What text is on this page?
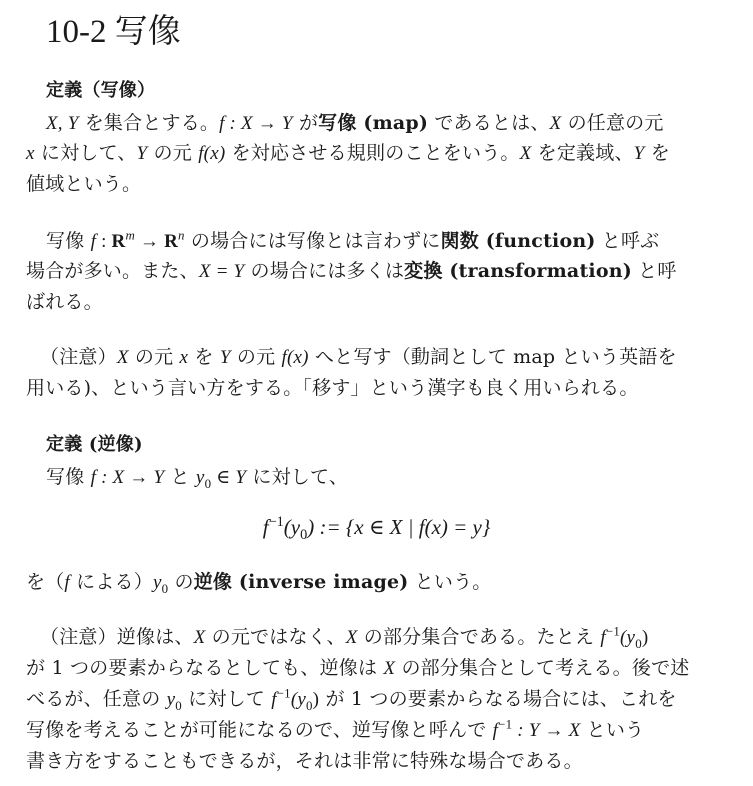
10-2 写像
定義（写像）
X, Y を集合とする。f : X → Y が写像 (map) であるとは、X の任意の元
x に対して、Y の元 f(x) を対応させる規則のことをいう。X を定義域、Y を
値域という。
写像 f : $R^m \to R^n$ の場合には写像とは言わずに関数 (function) と呼ぶ
場合が多い。また、X = Y の場合には多くは変換 (transformation) と呼
ばれる。
（注意）X の元 x を Y の元 f(x) へと写す（動詞として map という英語を
用いる)、という言い方をする。「移す」という漢字も良く用いられる。
定義 (逆像)
写像 f : X → Y と $y_0$ ∈ Y に対して、
$f^{-1}(y_0)$ := {x ∈ X | f(x) = y}
を（f による）$y_0$ の逆像 (inverse image) という。
（注意）逆像は、X の元ではなく、X の部分集合である。たとえ $f^{-1}(y_0)$
が 1 つの要素からなるとしても、逆像は X の部分集合として考える。後で述
べるが、任意の $y_0$ に対して $f^{-1}(y_0)$ が 1 つの要素からなる場合には、これを
写像を考えることが可能になるので、逆写像と呼んで $f^{-1}$ : Y → X という
書き方をすることもできるが，それは非常に特殊な場合である。
